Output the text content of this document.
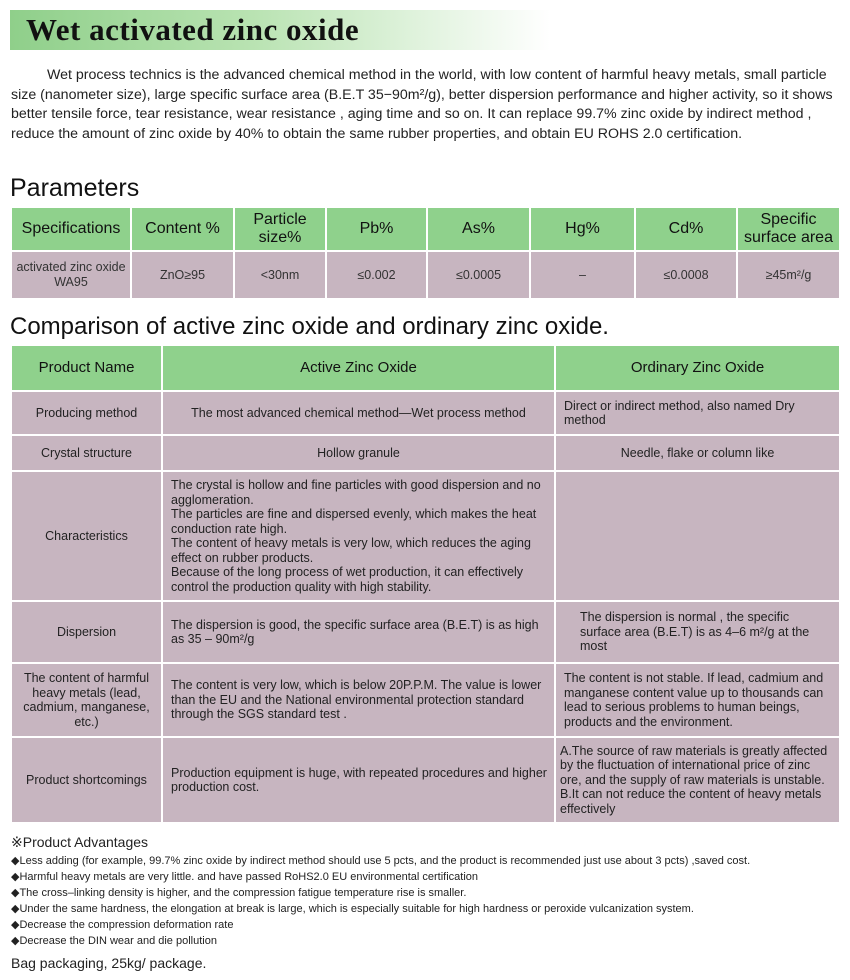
Wet activated zinc oxide

Wet process technics is the advanced chemical method in the world, with low content of harmful heavy metals, small particle size (nanometer size), large specific surface area (B.E.T 35−90m²/g), better dispersion performance and higher activity, so it shows better tensile force, tear resistance, wear resistance , aging time and so on. It can replace 99.7% zinc oxide by indirect method , reduce the amount of zinc oxide by 40% to obtain the same rubber properties, and obtain EU ROHS 2.0 certification.

Parameters
Specifications	Content %	Particle size%	Pb%	As%	Hg%	Cd%	Specific surface area
activated zinc oxide WA95	ZnO≥95	<30nm	≤0.002	≤0.0005	–	≤0.0008	≥45m²/g
Comparison of active zinc oxide and ordinary zinc oxide.
Product Name	Active Zinc Oxide	Ordinary Zinc Oxide
Producing method	The most advanced chemical method—Wet process method	Direct or indirect method, also named Dry method
Crystal structure	Hollow granule	Needle, flake or column like
Characteristics	The crystal is hollow and fine particles with good dispersion and no agglomeration.
The particles are fine and dispersed evenly, which makes the heat conduction rate high.
The content of heavy metals is very low, which reduces the aging effect on rubber products.
Because of the long process of wet production, it can effectively control the production quality with high stability.	
Dispersion	The dispersion is good, the specific surface area (B.E.T) is as high as 35 – 90m²/g	The dispersion is normal , the specific surface area (B.E.T) is as 4–6 m²/g at the most
The content of harmful heavy metals (lead, cadmium, manganese, etc.)	The content is very low, which is below 20P.P.M. The value is lower than the EU and the National environmental protection standard through the SGS standard test .	The content is not stable. If lead, cadmium and manganese content value up to thousands can lead to serious problems to human beings, products and the environment.
Product shortcomings	Production equipment is huge, with repeated procedures and higher production cost.	A.The source of raw materials is greatly affected by the fluctuation of international price of zinc ore, and the supply of raw materials is unstable.
B.It can not reduce the content of heavy metals effectively
※Product Advantages
◆Less adding (for example, 99.7% zinc oxide by indirect method should use 5 pcts, and the product is recommended just use about 3 pcts) ,saved cost.
◆Harmful heavy metals are very little. and have passed RoHS2.0 EU environmental certification
◆The cross–linking density is higher, and the compression fatigue temperature rise is smaller.
◆Under the same hardness, the elongation at break is large, which is especially suitable for high hardness or peroxide vulcanization system.
◆Decrease the compression deformation rate
◆Decrease the DIN wear and die pollution
Bag packaging, 25kg/ package.
